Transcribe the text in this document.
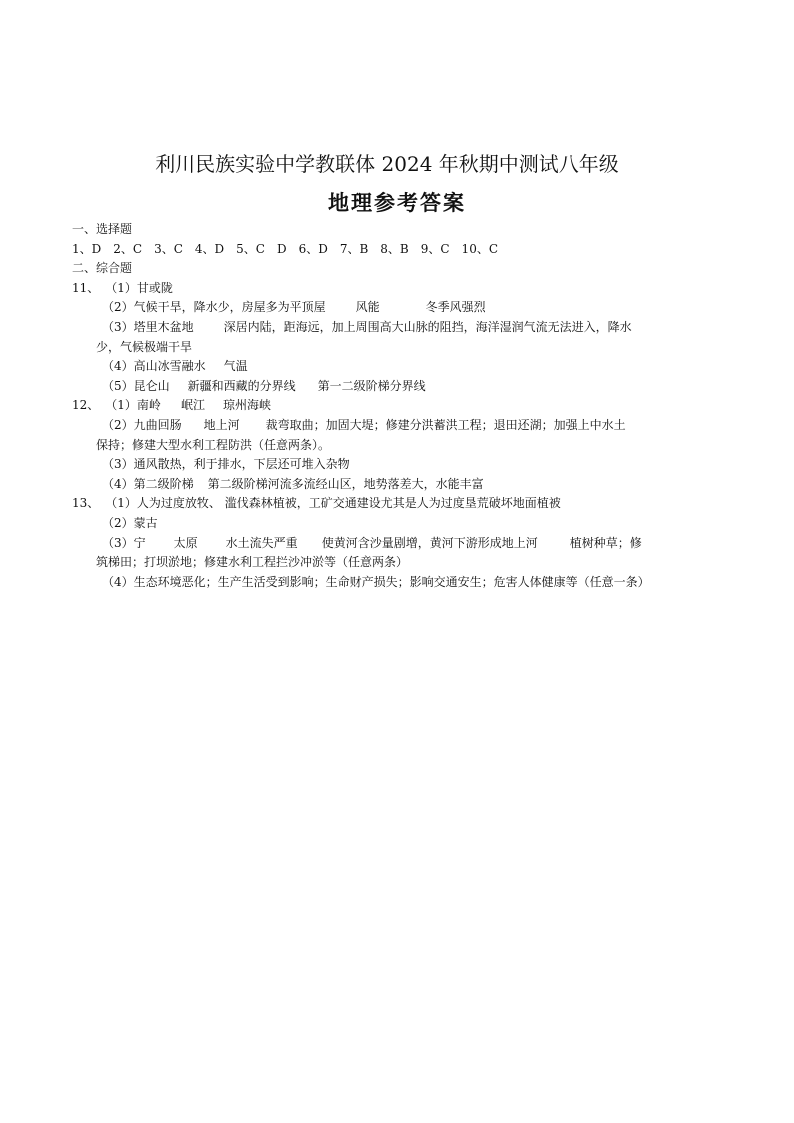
利川民族实验中学教联体 2024 年秋期中测试八年级
地理参考答案
一、选择题
1、D　2、C　3、C　4、D　5、C　D　6、D　7、B　8、B　9、C　10、C
二、综合题
11、 （1）甘或陇
（2）气候干旱，降水少，房屋多为平顶屋	风能	冬季风强烈
（3）塔里木盆地	深居内陆，距海远，加上周围高大山脉的阻挡，海洋湿润气流无法进入，降水
少，气候极端干旱
（4）高山冰雪融水 气温
（5）昆仑山 新疆和西藏的分界线 第一二级阶梯分界线
12、 （1）南岭 岷江 琼州海峡
（2）九曲回肠 地上河 裁弯取曲；加固大堤；修建分洪蓄洪工程；退田还湖；加强上中水土
保持；修建大型水利工程防洪（任意两条）。
（3）通风散热，利于排水，下层还可堆入杂物
（4）第二级阶梯 第二级阶梯河流多流经山区，地势落差大，水能丰富
13、 （1）人为过度放牧、 滥伐森林植被，工矿交通建设尤其是人为过度垦荒破坏地面植被
（2）蒙古
（3）宁 太原 水土流失严重 使黄河含沙量剧增，黄河下游形成地上河	植树种草；修
筑梯田；打坝淤地；修建水利工程拦沙冲淤等（任意两条）
（4）生态环境恶化；生产生活受到影响；生命财产损失；影响交通安生；危害人体健康等（任意一条）
